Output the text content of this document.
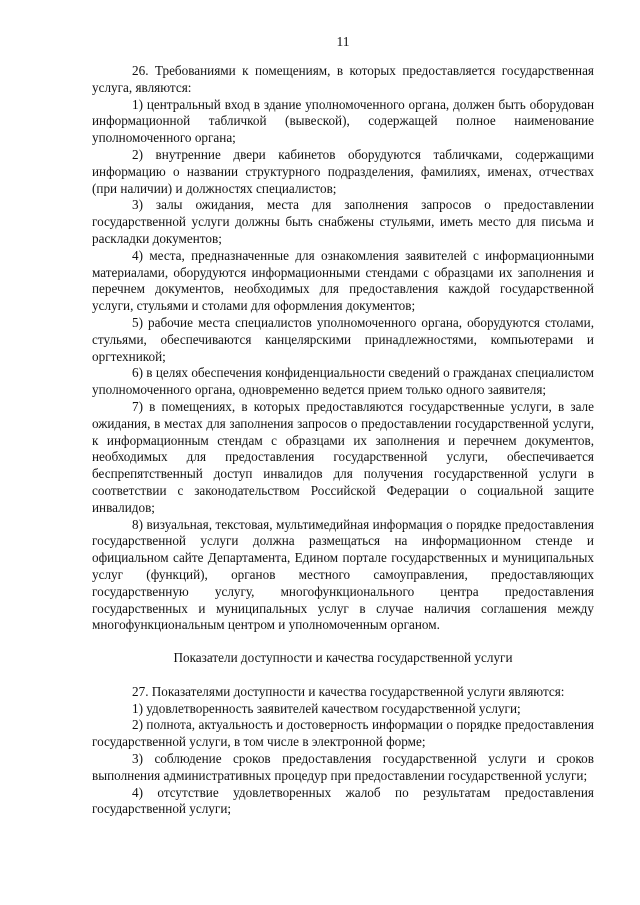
11

26. Требованиями к помещениям, в которых предоставляется государственная услуга, являются:

1) центральный вход в здание уполномоченного органа, должен быть оборудован информационной табличкой (вывеской), содержащей полное наименование уполномоченного органа;

2) внутренние двери кабинетов оборудуются табличками, содержащими информацию о названии структурного подразделения, фамилиях, именах, отчествах (при наличии) и должностях специалистов;

3) залы ожидания, места для заполнения запросов о предоставлении государственной услуги должны быть снабжены стульями, иметь место для письма и раскладки документов;

4) места, предназначенные для ознакомления заявителей с информационными материалами, оборудуются информационными стендами с образцами их заполнения и перечнем документов, необходимых для предоставления каждой государственной услуги, стульями и столами для оформления документов;

5) рабочие места специалистов уполномоченного органа, оборудуются столами, стульями, обеспечиваются канцелярскими принадлежностями, компьютерами и оргтехникой;

6) в целях обеспечения конфиденциальности сведений о гражданах специалистом уполномоченного органа, одновременно ведется прием только одного заявителя;

7) в помещениях, в которых предоставляются государственные услуги, в зале ожидания, в местах для заполнения запросов о предоставлении государственной услуги, к информационным стендам с образцами их заполнения и перечнем документов, необходимых для предоставления государственной услуги, обеспечивается беспрепятственный доступ инвалидов для получения государственной услуги в соответствии с законодательством Российской Федерации о социальной защите инвалидов;

8) визуальная, текстовая, мультимедийная информация о порядке предоставления государственной услуги должна размещаться на информационном стенде и официальном сайте Департамента, Едином портале государственных и муниципальных услуг (функций), органов местного самоуправления, предоставляющих государственную услугу, многофункционального центра предоставления государственных и муниципальных услуг в случае наличия соглашения между многофункциональным центром и уполномоченным органом.

Показатели доступности и качества государственной услуги

27. Показателями доступности и качества государственной услуги являются:

1) удовлетворенность заявителей качеством государственной услуги;

2) полнота, актуальность и достоверность информации о порядке предоставления государственной услуги, в том числе в электронной форме;

3) соблюдение сроков предоставления государственной услуги и сроков выполнения административных процедур при предоставлении государственной услуги;

4) отсутствие удовлетворенных жалоб по результатам предоставления государственной услуги;
